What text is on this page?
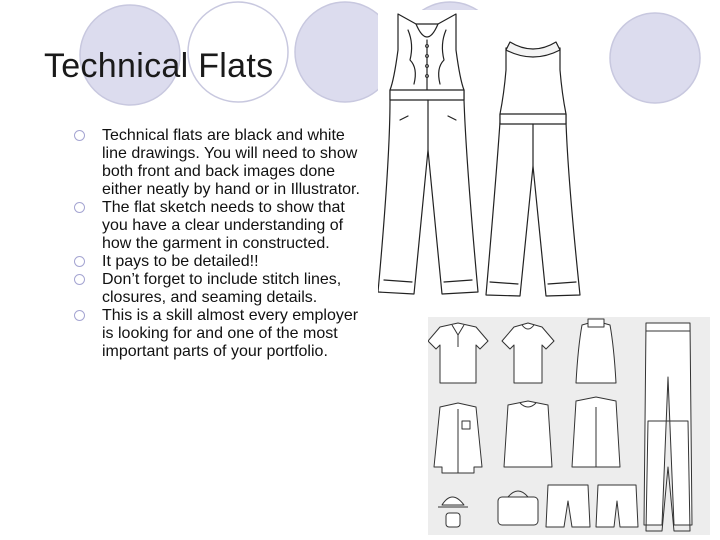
Technical Flats
Technical flats are black and white line drawings. You will need to show both front and back images done either neatly by hand or in Illustrator.
The flat sketch needs to show that you have a clear understanding of how the garment in constructed.
It pays to be detailed!!
Don’t forget to include stitch lines, closures, and seaming details.
This is a skill almost every employer is looking for and one of the most important parts of your portfolio.
